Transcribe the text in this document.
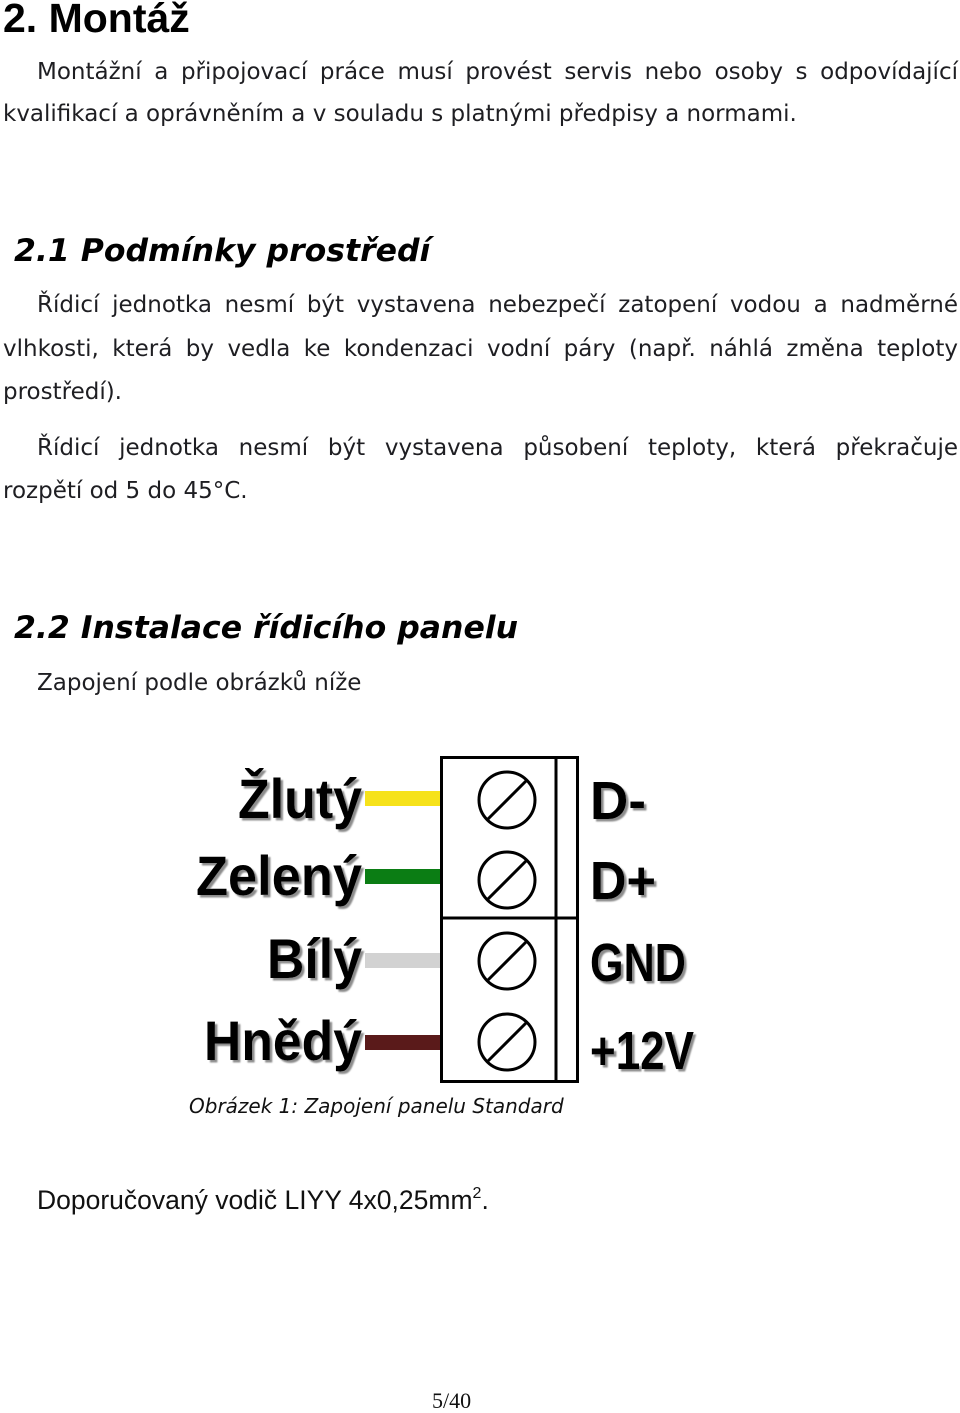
2. Montáž
Montážní a připojovací práce musí provést servis nebo osoby s odpovídající
kvalifikací a oprávněním a v souladu s platnými předpisy a normami.
2.1 Podmínky prostředí
Řídicí jednotka nesmí být vystavena nebezpečí zatopení vodou a nadměrné
vlhkosti, která by vedla ke kondenzaci vodní páry (např. náhlá změna teploty
prostředí).
Řídicí jednotka nesmí být vystavena působení teploty, která překračuje
rozpětí od 5 do 45°C.
2.2 Instalace řídicího panelu
Zapojení podle obrázků níže
Žlutý
Zelený
Bílý
Hnědý
D-
D+
GND
+12V
Obrázek 1: Zapojení panelu Standard
Doporučovaný vodič LIYY $4x0,25mm^2$.
5/40
